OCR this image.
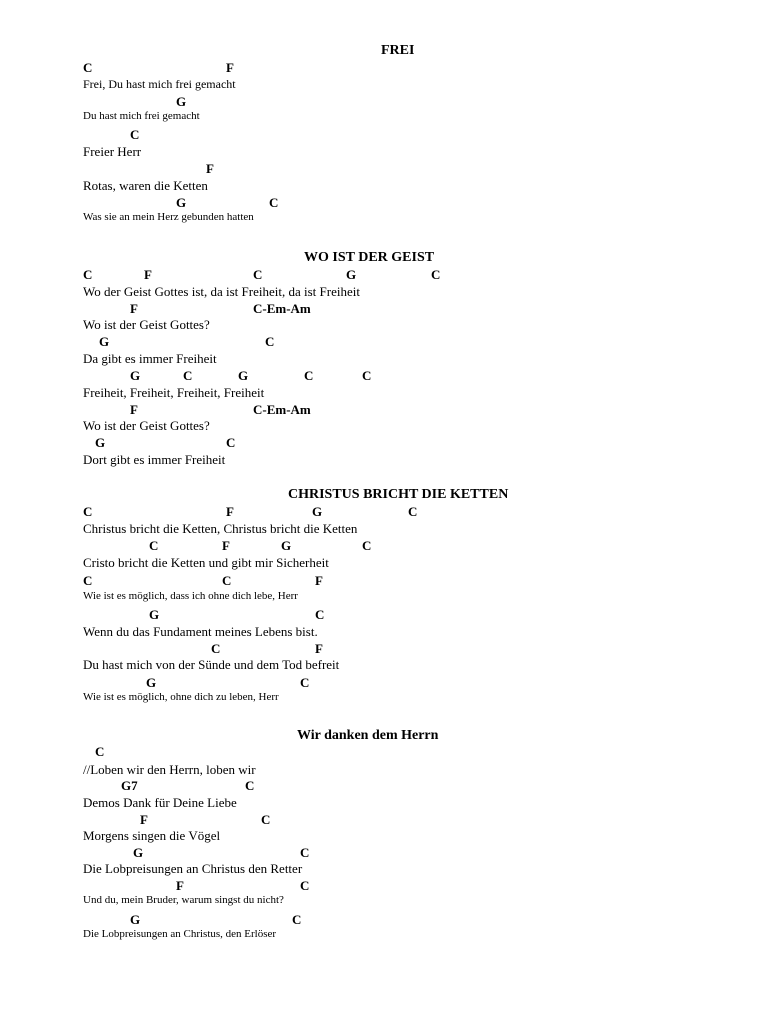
FREI
C	F
Frei, Du hast mich frei gemacht
G
Du hast mich frei gemacht
C
Freier Herr
F
Rotas, waren die Ketten
G	C
Was sie an mein Herz gebunden hatten
WO IST DER GEIST
C	F	C	G	C
Wo der Geist Gottes ist, da ist Freiheit, da ist Freiheit
F	C-Em-Am
Wo ist der Geist Gottes?
G	C
Da gibt es immer Freiheit
G	C	G	C	C
Freiheit, Freiheit, Freiheit, Freiheit
F	C-Em-Am
Wo ist der Geist Gottes?
G	C
Dort gibt es immer Freiheit
CHRISTUS BRICHT DIE KETTEN
C	F	G	C
Christus bricht die Ketten, Christus bricht die Ketten
C	F	G	C
Cristo bricht die Ketten und gibt mir Sicherheit
C	C	F
Wie ist es möglich, dass ich ohne dich lebe, Herr
G	C
Wenn du das Fundament meines Lebens bist.
C	F
Du hast mich von der Sünde und dem Tod befreit
G	C
Wie ist es möglich, ohne dich zu leben, Herr
Wir danken dem Herrn
C
//Loben wir den Herrn, loben wir
G7	C
Demos Dank für Deine Liebe
F	C
Morgens singen die Vögel
G	C
Die Lobpreisungen an Christus den Retter
F	C
Und du, mein Bruder, warum singst du nicht?
G	C
Die Lobpreisungen an Christus, den Erlöser
